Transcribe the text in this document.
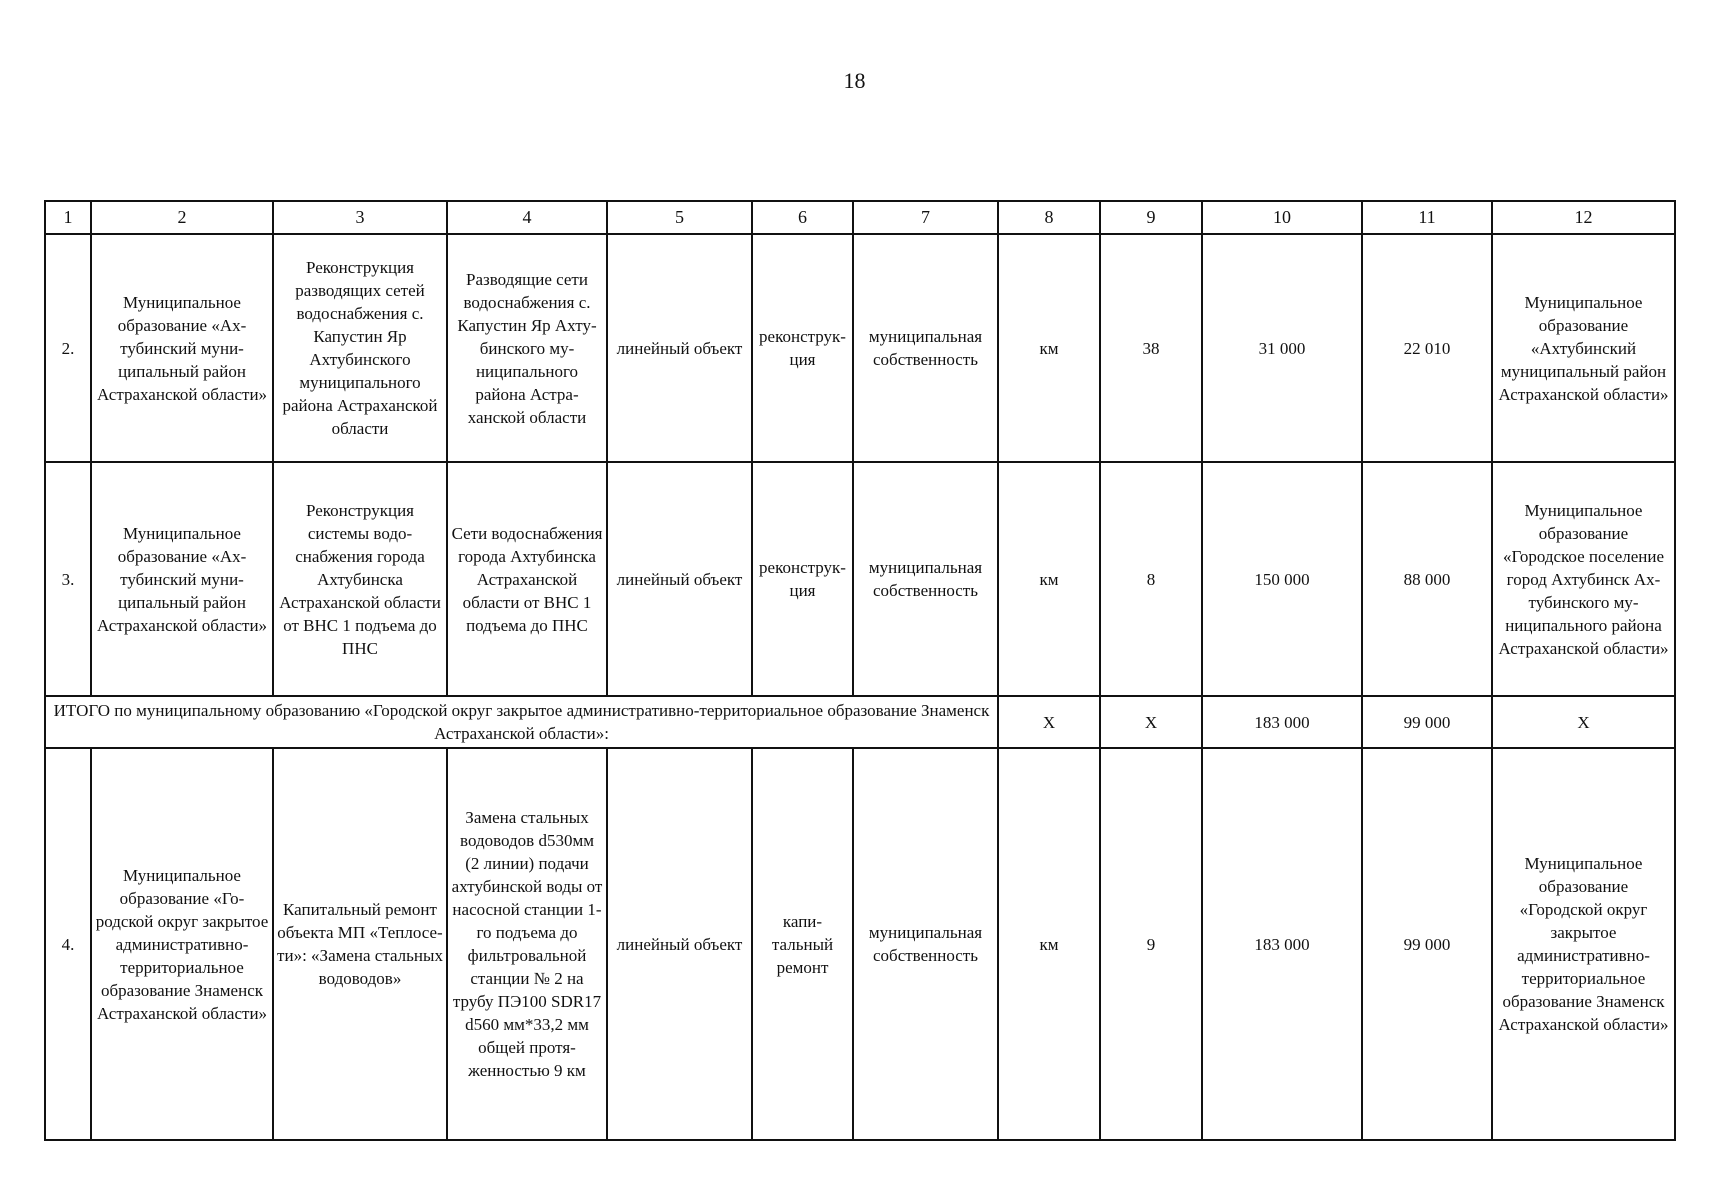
18
1	2	3	4	5	6	7	8	9	10	11	12
2.	Муниципальное образование «Ахтубинский муниципальный район Астраханской области»	Реконструкция разводящих сетей водоснабжения с. Капустин Яр Ахтубинского муниципального района Астраханской области	Разводящие сети водоснабжения с. Капустин Яр Ахтубинского муниципального района Астраханской области	линейный объект	реконструкция	муниципальная собственность	км	38	31 000	22 010	Муниципальное образование «Ахтубинский муниципальный район Астраханской области»
3.	Муниципальное образование «Ахтубинский муниципальный район Астраханской области»	Реконструкция системы водоснабжения города Ахтубинска Астраханской области от ВНС 1 подъема до ПНС	Сети водоснабжения города Ахтубинска Астраханской области от ВНС 1 подъема до ПНС	линейный объект	реконструкция	муниципальная собственность	км	8	150 000	88 000	Муниципальное образование «Городское поселение город Ахтубинск Ахтубинского муниципального района Астраханской области»
ИТОГО по муниципальному образованию «Городской округ закрытое административно-территориальное образование Знаменск Астраханской области»:							Х	Х	183 000	99 000	Х
4.	Муниципальное образование «Городской округ закрытое административно-территориальное образование Знаменск Астраханской области»	Капитальный ремонт объекта МП «Теплосети»: «Замена стальных водоводов»	Замена стальных водоводов d530мм (2 линии) подачи ахтубинской воды от насосной станции 1-го подъема до фильтровальной станции № 2 на трубу ПЭ100 SDR17 d560 мм*33,2 мм общей протяженностью 9 км	линейный объект	капитальный ремонт	муниципальная собственность	км	9	183 000	99 000	Муниципальное образование «Городской округ закрытое административно-территориальное образование Знаменск Астраханской области»
